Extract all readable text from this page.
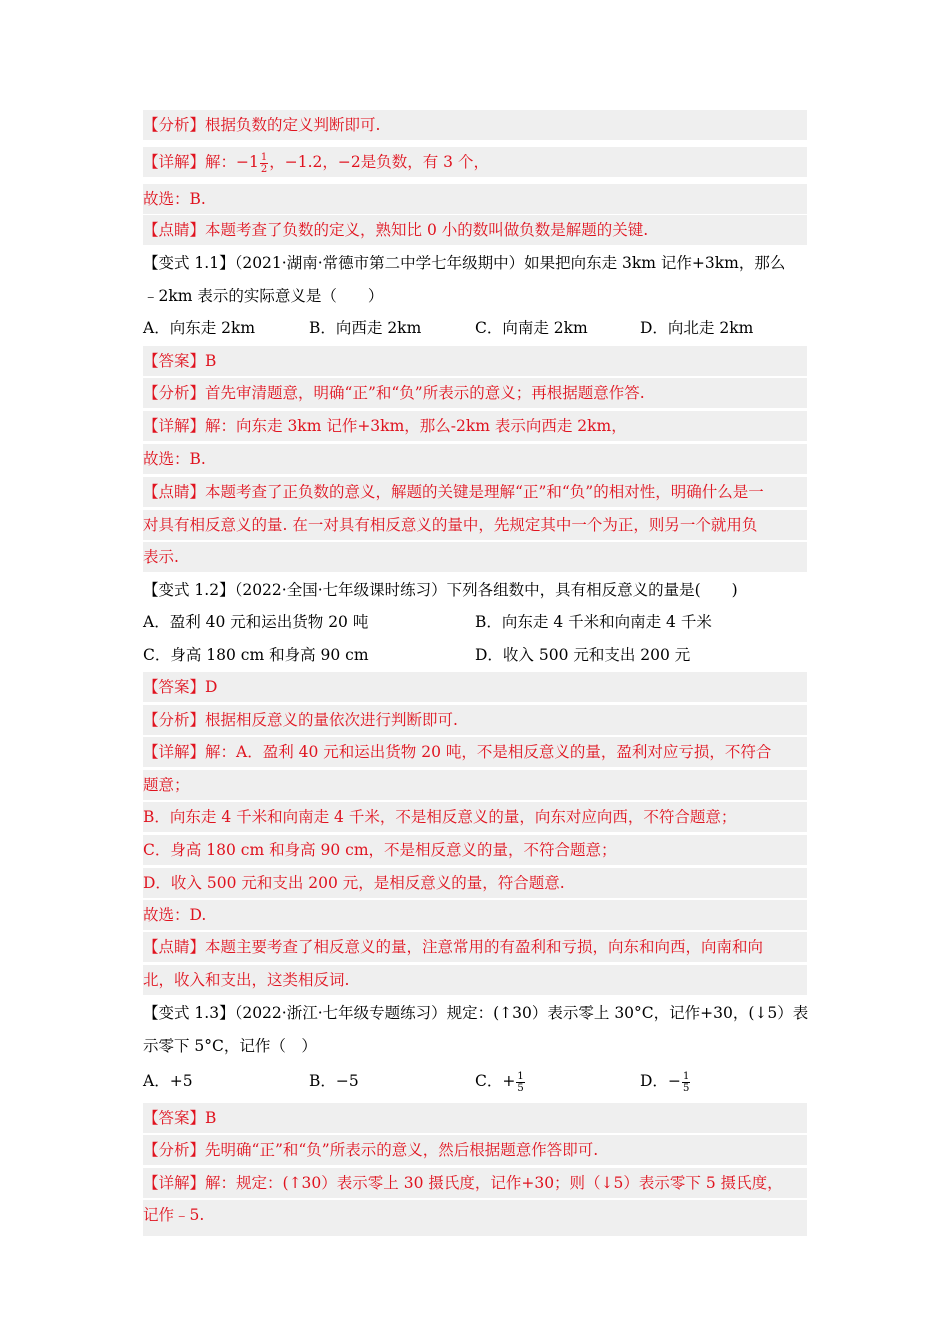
【分析】根据负数的定义判断即可.
【详解】解：$-1 \frac{1}{2}$ ，−1.2，−2是负数，有 3 个，
故选：B.
【点睛】本题考查了负数的定义，熟知比 0 小的数叫做负数是解题的关键.
【变式 1.1】（2021·湖南·常德市第二中学七年级期中）如果把向东走 3km 记作+3km，那么
﹣2km 表示的实际意义是（　　）
A．向东走 2km	B．向西走 2km	C．向南走 2km	D．向北走 2km
【答案】B
【分析】首先审清题意，明确“正”和“负”所表示的意义；再根据题意作答.
【详解】解：向东走 3km 记作+3km，那么-2km 表示向西走 2km，
故选：B.
【点睛】本题考查了正负数的意义，解题的关键是理解“正”和“负”的相对性，明确什么是一
对具有相反意义的量. 在一对具有相反意义的量中，先规定其中一个为正，则另一个就用负
表示.
【变式 1.2】（2022·全国·七年级课时练习）下列各组数中，具有相反意义的量是(　　)
A．盈利 40 元和运出货物 20 吨	B．向东走 4 千米和向南走 4 千米
C．身高 180 cm 和身高 90 cm	D．收入 500 元和支出 200 元
【答案】D
【分析】根据相反意义的量依次进行判断即可.
【详解】解：A．盈利 40 元和运出货物 20 吨，不是相反意义的量，盈利对应亏损，不符合
题意；
B．向东走 4 千米和向南走 4 千米，不是相反意义的量，向东对应向西，不符合题意；
C．身高 180 cm 和身高 90 cm，不是相反意义的量，不符合题意；
D．收入 500 元和支出 200 元，是相反意义的量，符合题意.
故选：D.
【点睛】本题主要考查了相反意义的量，注意常用的有盈利和亏损，向东和向西，向南和向
北，收入和支出，这类相反词.
【变式 1.3】（2022·浙江·七年级专题练习）规定：(↑30）表示零上 30°C，记作+30，(↓5）表
示零下 5°C，记作（　）
A．+5	B．−5	C．+ $\frac{1}{5}$	D．− $\frac{1}{5}$
【答案】B
【分析】先明确“正”和“负”所表示的意义，然后根据题意作答即可.
【详解】解：规定：(↑30）表示零上 30 摄氏度，记作+30；则（↓5）表示零下 5 摄氏度，
记作﹣5.
